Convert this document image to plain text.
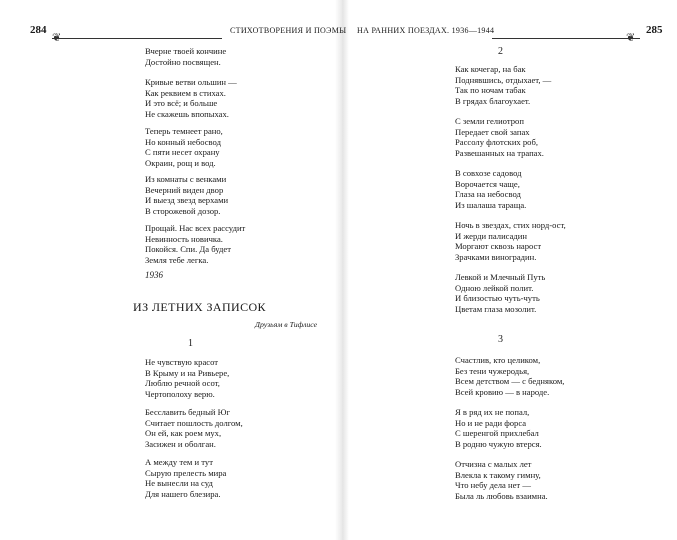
284
❦
СТИХОТВОРЕНИЯ И ПОЭМЫ
Вчерне твоей кончине
Достойно посвящен.
Кривые ветви ольшин —
Как реквием в стихах.
И это всё; и больше
Не скажешь впопыхах.
Теперь темнеет рано,
Но конный небосвод
С пяти несет охрану
Окраин, рощ и вод.
Из комнаты с венками
Вечерний виден двор
И выезд звезд верхами
В сторожевой дозор.
Прощай. Нас всех рассудит
Невинность новичка.
Покойся. Спи. Да будет
Земля тебе легка.
1936
ИЗ ЛЕТНИХ ЗАПИСОК
Друзьям в Тифлисе
1
Не чувствую красот
В Крыму и на Ривьере,
Люблю речной осот,
Чертополоху верю.
Бесславить бедный Юг
Считает пошлость долгом,
Он ей, как роем мух,
Засижен и оболган.
А между тем и тут
Сырую прелесть мира
Не вынесли на суд
Для нашего блезира.
НА РАННИХ ПОЕЗДАХ. 1936—1944
❦
285
2
Как кочегар, на бак
Поднявшись, отдыхает, —
Так по ночам табак
В грядах благоухает.
С земли гелиотроп
Передает свой запах
Рассолу флотских роб,
Развешанных на трапах.
В совхозе садовод
Ворочается чаще,
Глаза на небосвод
Из шалаша тараща.
Ночь в звездах, стих норд-ост,
И жерди палисадин
Моргают сквозь нарост
Зрачками виноградин.
Левкой и Млечный Путь
Одною лейкой полит.
И близостью чуть-чуть
Цветам глаза мозолит.
3
Счастлив, кто целиком,
Без тени чужеродья,
Всем детством — с бедняком,
Всей кровию — в народе.
Я в ряд их не попал,
Но и не ради форса
С шеренгой прихлебал
В родню чужую втерся.
Отчизна с малых лет
Влекла к такому гимну,
Что небу дела нет —
Была ль любовь взаимна.
